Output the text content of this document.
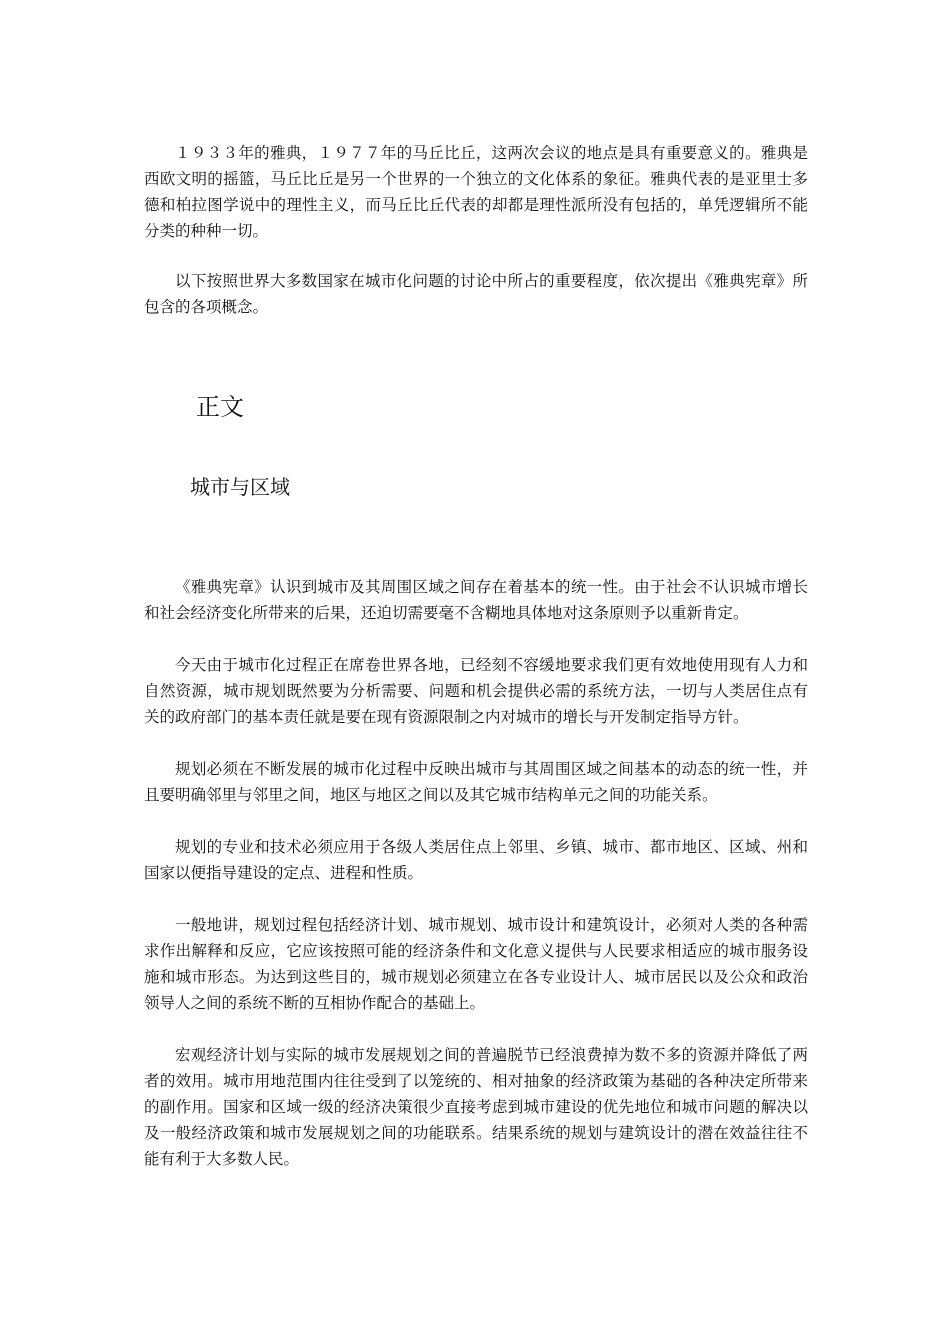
１９３３年的雅典，１９７７年的马丘比丘，这两次会议的地点是具有重要意义的。雅典是西欧文明的摇篮，马丘比丘是另一个世界的一个独立的文化体系的象征。雅典代表的是亚里士多德和柏拉图学说中的理性主义，而马丘比丘代表的却都是理性派所没有包括的，单凭逻辑所不能分类的种种一切。

以下按照世界大多数国家在城市化问题的讨论中所占的重要程度，依次提出《雅典宪章》所包含的各项概念。

正文
城市与区域

《雅典宪章》认识到城市及其周围区域之间存在着基本的统一性。由于社会不认识城市增长和社会经济变化所带来的后果，还迫切需要毫不含糊地具体地对这条原则予以重新肯定。

今天由于城市化过程正在席卷世界各地，已经刻不容缓地要求我们更有效地使用现有人力和自然资源，城市规划既然要为分析需要、问题和机会提供必需的系统方法，一切与人类居住点有关的政府部门的基本责任就是要在现有资源限制之内对城市的增长与开发制定指导方针。

规划必须在不断发展的城市化过程中反映出城市与其周围区域之间基本的动态的统一性，并且要明确邻里与邻里之间，地区与地区之间以及其它城市结构单元之间的功能关系。

规划的专业和技术必须应用于各级人类居住点上邻里、乡镇、城市、都市地区、区域、州和国家以便指导建设的定点、进程和性质。

一般地讲，规划过程包括经济计划、城市规划、城市设计和建筑设计，必须对人类的各种需求作出解释和反应，它应该按照可能的经济条件和文化意义提供与人民要求相适应的城市服务设施和城市形态。为达到这些目的，城市规划必须建立在各专业设计人、城市居民以及公众和政治领导人之间的系统不断的互相协作配合的基础上。

宏观经济计划与实际的城市发展规划之间的普遍脱节已经浪费掉为数不多的资源并降低了两者的效用。城市用地范围内往往受到了以笼统的、相对抽象的经济政策为基础的各种决定所带来的副作用。国家和区域一级的经济决策很少直接考虑到城市建设的优先地位和城市问题的解决以及一般经济政策和城市发展规划之间的功能联系。结果系统的规划与建筑设计的潜在效益往往不能有利于大多数人民。
